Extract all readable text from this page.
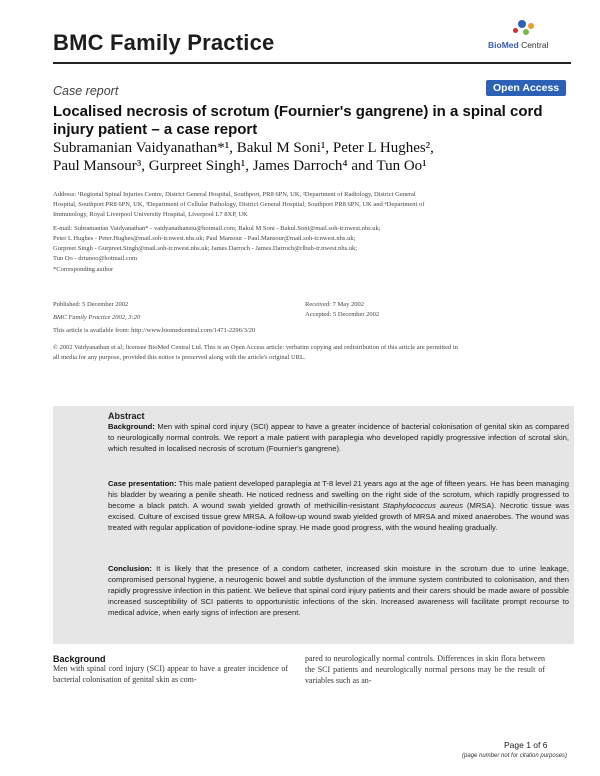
BMC Family Practice	BioMed Central
Case report	Open Access
Localised necrosis of scrotum (Fournier's gangrene) in a spinal cord
injury patient – a case report
Subramanian Vaidyanathan*¹, Bakul M Soni¹, Peter L Hughes²,
Paul Mansour³, Gurpreet Singh¹, James Darroch⁴ and Tun Oo¹
Address: ¹Regional Spinal Injuries Centre, District General Hospital, Southport, PR8 6PN, UK, ²Department of Radiology, District General
Hospital, Southport PR8 6PN, UK, ³Department of Cellular Pathology, District General Hospital, Southport PR8 6PN, UK and ⁴Department of
Immunology, Royal Liverpool University Hospital, Liverpool L7 8XP, UK
E-mail: Subramanian Vaidyanathan* - vaidyanathansiu@hotmail.com; Bakul M Soni - Bakul.Soni@mail.soh-tr.nwest.nhs.uk;
Peter L Hughes - Peter.Hughes@mail.soh-tr.nwest.nhs.uk; Paul Mansour - Paul.Mansour@mail.soh-tr.nwest.nhs.uk;
Gurpreet Singh - Gurpreet.Singh@mail.soh-tr.nwest.nhs.uk; James Darroch - James.Darroch@rlbuh-tr.nwest.nhs.uk;
Tun Oo - drtunoo@hotmail.com
*Corresponding author
Published: 5 December 2002
BMC Family Practice 2002, 3:20
Received: 7 May 2002
Accepted: 5 December 2002
This article is available from: http://www.biomedcentral.com/1471-2296/3/20
© 2002 Vaidyanathan et al; licensee BioMed Central Ltd. This is an Open Access article: verbatim copying and redistribution of this article are permitted in
all media for any purpose, provided this notice is preserved along with the article's original URL.
Abstract
Background: Men with spinal cord injury (SCI) appear to have a greater incidence of bacterial colonisation of genital skin as compared to neurologically normal controls. We report a male patient with paraplegia who developed rapidly progressive infection of scrotal skin, which resulted in localised necrosis of scrotum (Fournier's gangrene).
Case presentation: This male patient developed paraplegia at T-8 level 21 years ago at the age of fifteen years. He has been managing his bladder by wearing a penile sheath. He noticed redness and swelling on the right side of the scrotum, which rapidly progressed to become a black patch. A wound swab yielded growth of methicillin-resistant Staphylococcus aureus (MRSA). Necrotic tissue was excised. Culture of excised tissue grew MRSA. A follow-up wound swab yielded growth of MRSA and mixed anaerobes. The wound was treated with regular application of povidone-iodine spray. He made good progress, with the wound healing gradually.
Conclusion: It is likely that the presence of a condom catheter, increased skin moisture in the scrotum due to urine leakage, compromised personal hygiene, a neurogenic bowel and subtle dysfunction of the immune system contributed to colonisation, and then rapidly progressive infection in this patient. We believe that spinal cord injury patients and their carers should be made aware of possible increased susceptibility of SCI patients to opportunistic infections of the skin. Increased awareness will facilitate prompt recourse to medical advice, when early signs of infection are present.
Background
Men with spinal cord injury (SCI) appear to have a greater incidence of bacterial colonisation of genital skin as com-
pared to neurologically normal controls. Differences in skin flora between the SCI patients and neurologically normal persons may be the result of variables such as an-
Page 1 of 6
(page number not for citation purposes)
